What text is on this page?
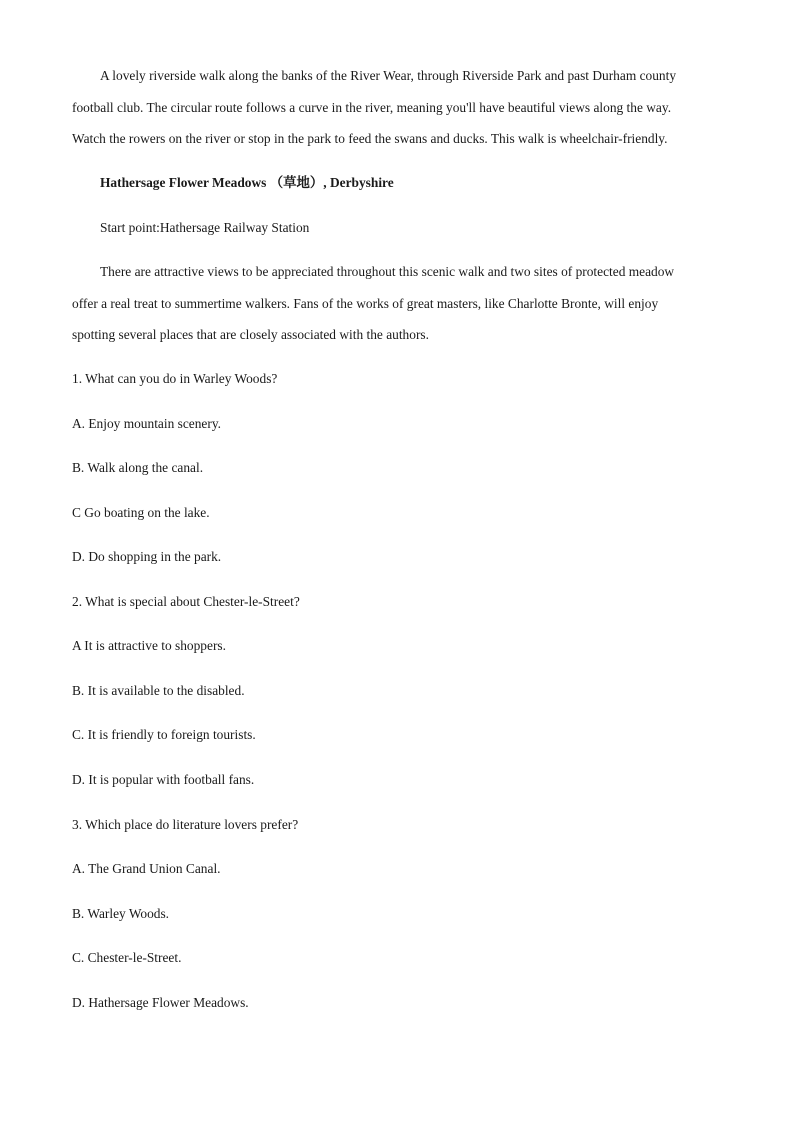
A lovely riverside walk along the banks of the River Wear, through Riverside Park and past Durham county
football club. The circular route follows a curve in the river, meaning you'll have beautiful views along the way.
Watch the rowers on the river or stop in the park to feed the swans and ducks. This walk is wheelchair-friendly.
Hathersage Flower Meadows （草地）, Derbyshire
Start point:Hathersage Railway Station
There are attractive views to be appreciated throughout this scenic walk and two sites of protected meadow
offer a real treat to summertime walkers. Fans of the works of great masters, like Charlotte Bronte, will enjoy
spotting several places that are closely associated with the authors.
1. What can you do in Warley Woods?
A. Enjoy mountain scenery.
B. Walk along the canal.
C Go boating on the lake.
D. Do shopping in the park.
2. What is special about Chester-le-Street?
A It is attractive to shoppers.
B. It is available to the disabled.
C. It is friendly to foreign tourists.
D. It is popular with football fans.
3. Which place do literature lovers prefer?
A. The Grand Union Canal.
B. Warley Woods.
C. Chester-le-Street.
D. Hathersage Flower Meadows.
